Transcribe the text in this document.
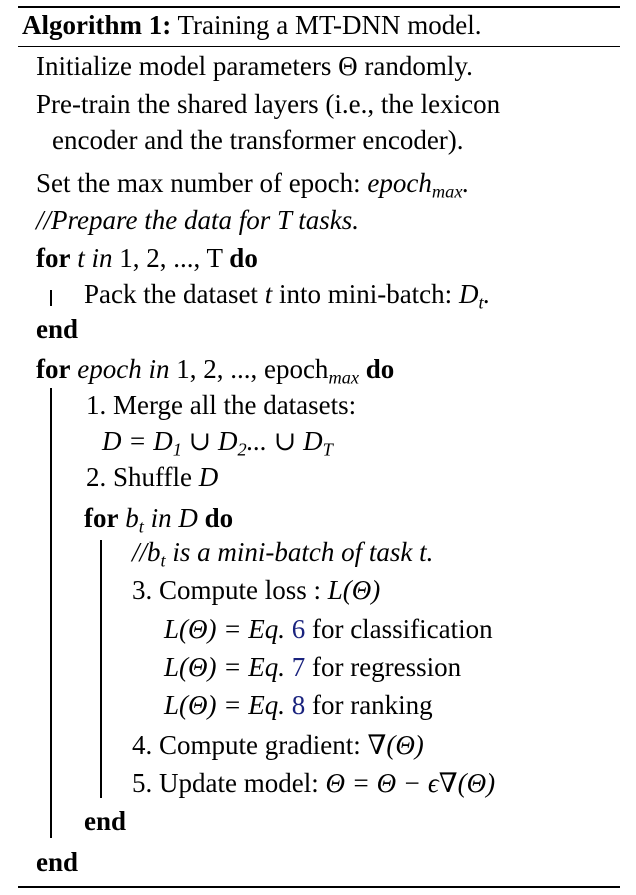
Algorithm 1: Training a MT-DNN model.
Initialize model parameters Θ randomly.
Pre-train the shared layers (i.e., the lexicon
encoder and the transformer encoder).
Set the max number of epoch: epoch$_{max}$.
//Prepare the data for T tasks.
for t in 1, 2, ..., T do
Pack the dataset t into mini-batch: $D_t$.
end
for epoch in 1, 2, ..., epoch$_{max}$ do
1. Merge all the datasets:
$D = D_1$ ∪ $D_2$... ∪ $D_T$
2. Shuffle D
for $b_t$ in D do
$//b_t$ is a mini-batch of task t.
3. Compute loss : L(Θ)
L(Θ) = Eq. 6 for classification
L(Θ) = Eq. 7 for regression
L(Θ) = Eq. 8 for ranking
4. Compute gradient: ∇(Θ)
5. Update model: Θ = Θ − ϵ∇(Θ)
end
end
